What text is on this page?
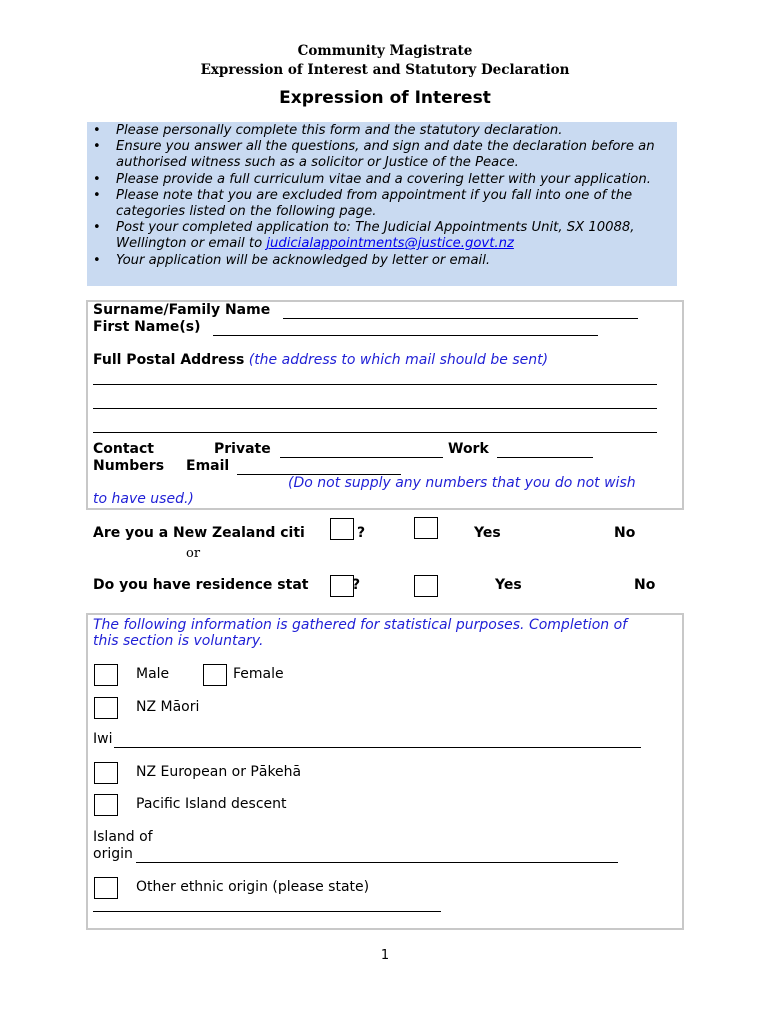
Community Magistrate
Expression of Interest and Statutory Declaration
Expression of Interest
• Please personally complete this form and the statutory declaration.
• Ensure you answer all the questions, and sign and date the declaration before an authorised witness such as a solicitor or Justice of the Peace.
• Please provide a full curriculum vitae and a covering letter with your application.
• Please note that you are excluded from appointment if you fall into one of the categories listed on the following page.
• Post your completed application to: The Judicial Appointments Unit, SX 10088, Wellington or email to judicialappointments@justice.govt.nz
• Your application will be acknowledged by letter or email.
Surname/Family Name
First Name(s)
Full Postal Address (the address to which mail should be sent)
Contact
Numbers
Private	Work
Email
(Do not supply any numbers that you do not wish
to have used.)
Are you a New Zealand citi	?	Yes	No
or
Do you have residence stat	?	Yes	No
The following information is gathered for statistical purposes. Completion of
this section is voluntary.
Male	Female
NZ Māori
Iwi
NZ European or Pākehā
Pacific Island descent
Island of
origin
Other ethnic origin (please state)
1
